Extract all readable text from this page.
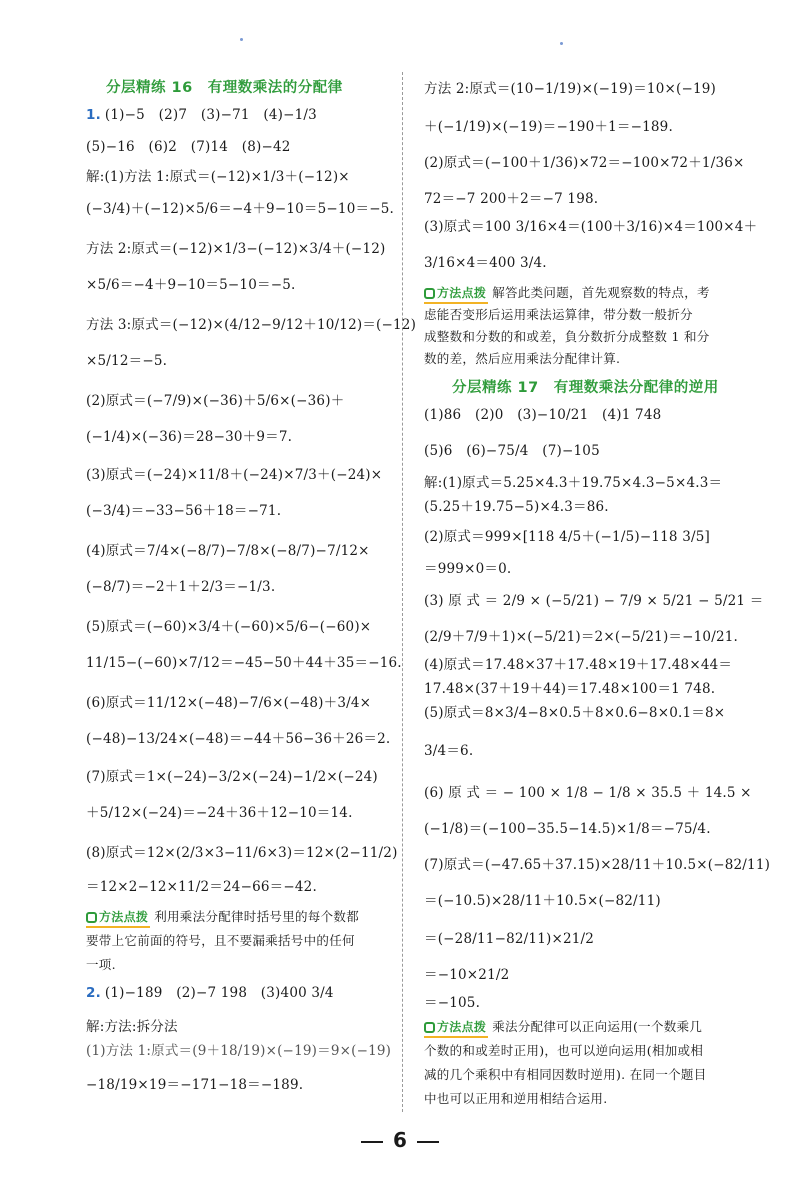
分层精练 16　有理数乘法的分配律
1. (1)−5　(2)7　(3)−71　(4)−1/3
(5)−16　(6)2　(7)14　(8)−42
解:(1)方法 1:原式＝(−12)×1/3＋(−12)×
(−3/4)＋(−12)×5/6＝−4＋9−10＝5−10＝−5.
方法 2:原式＝(−12)×1/3−(−12)×3/4＋(−12)
×5/6＝−4＋9−10＝5−10＝−5.
方法 3:原式＝(−12)×(4/12−9/12＋10/12)＝(−12)
×5/12＝−5.
(2)原式＝(−7/9)×(−36)＋5/6×(−36)＋
(−1/4)×(−36)＝28−30＋9＝7.
(3)原式＝(−24)×11/8＋(−24)×7/3＋(−24)×
(−3/4)＝−33−56＋18＝−71.
(4)原式＝7/4×(−8/7)−7/8×(−8/7)−7/12×
(−8/7)＝−2＋1＋2/3＝−1/3.
(5)原式＝(−60)×3/4＋(−60)×5/6−(−60)×
11/15−(−60)×7/12＝−45−50＋44＋35＝−16.
(6)原式＝11/12×(−48)−7/6×(−48)＋3/4×
(−48)−13/24×(−48)＝−44＋56−36＋26＝2.
(7)原式＝1×(−24)−3/2×(−24)−1/2×(−24)
＋5/12×(−24)＝−24＋36＋12−10＝14.
(8)原式＝12×(2/3×3−11/6×3)＝12×(2−11/2)
＝12×2−12×11/2＝24−66＝−42.
方法点拨 利用乘法分配律时括号里的每个数都
要带上它前面的符号，且不要漏乘括号中的任何
一项.
2. (1)−189　(2)−7 198　(3)400 3/4
解:方法:拆分法
(1)方法 1:原式＝(9＋18/19)×(−19)＝9×(−19)
−18/19×19＝−171−18＝−189.
方法 2:原式＝(10−1/19)×(−19)＝10×(−19)
＋(−1/19)×(−19)＝−190＋1＝−189.
(2)原式＝(−100＋1/36)×72＝−100×72＋1/36×
72＝−7 200＋2＝−7 198.
(3)原式＝100 3/16×4＝(100＋3/16)×4＝100×4＋
3/16×4＝400 3/4.
方法点拨 解答此类问题，首先观察数的特点，考
虑能否变形后运用乘法运算律，带分数一般折分
成整数和分数的和或差，負分数折分成整数 1 和分
数的差，然后应用乘法分配律计算.
分层精练 17　有理数乘法分配律的逆用
(1)86　(2)0　(3)−10/21　(4)1 748
(5)6　(6)−75/4　(7)−105
解:(1)原式＝5.25×4.3＋19.75×4.3−5×4.3＝
(5.25＋19.75−5)×4.3＝86.
(2)原式＝999×[118 4/5＋(−1/5)−118 3/5]
＝999×0＝0.
(3) 原 式 ＝ 2/9 × (−5/21) − 7/9 × 5/21 − 5/21 ＝
(2/9＋7/9＋1)×(−5/21)＝2×(−5/21)＝−10/21.
(4)原式＝17.48×37＋17.48×19＋17.48×44＝
17.48×(37＋19＋44)＝17.48×100＝1 748.
(5)原式＝8×3/4−8×0.5＋8×0.6−8×0.1＝8×
3/4＝6.
(6) 原 式 ＝ − 100 × 1/8 − 1/8 × 35.5 ＋ 14.5 ×
(−1/8)＝(−100−35.5−14.5)×1/8＝−75/4.
(7)原式＝(−47.65＋37.15)×28/11＋10.5×(−82/11)
＝(−10.5)×28/11＋10.5×(−82/11)
＝(−28/11−82/11)×21/2
＝−10×21/2
＝−105.
方法点拨 乘法分配律可以正向运用(一个数乘几
个数的和或差时正用)，也可以逆向运用(相加或相
减的几个乘积中有相同因数时逆用). 在同一个题目
中也可以正用和逆用相结合运用.
6
